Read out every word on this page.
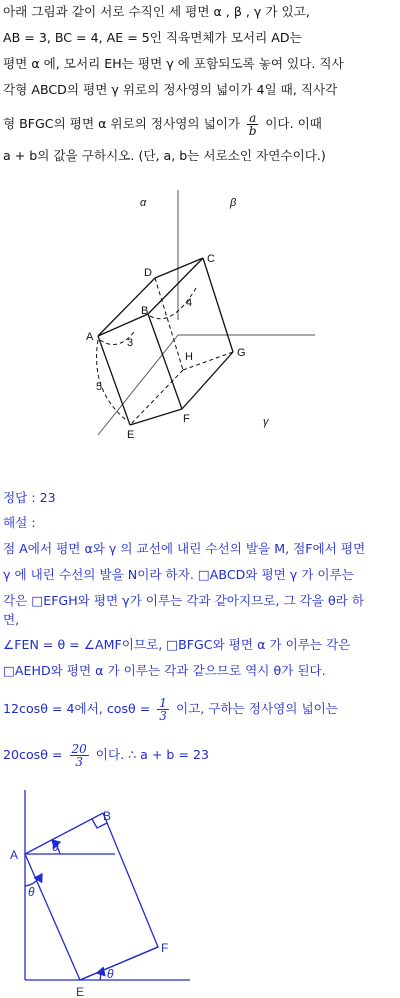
아래 그림과 같이 서로 수직인 세 평면 α , β , γ 가 있고,
AB = 3, BC = 4, AE = 5인 직육면체가 모서리 AD는
평면 α 에, 모서리 EH는 평면 γ 에 포함되도록 놓여 있다. 직사
각형 ABCD의 평면 γ 위로의 정사영의 넓이가 4일 때, 직사각
형 BFGC의 평면 α 위로의 정사영의 넓이가 $\frac{a}{b}$ 이다. 이때
a + b의 값을 구하시오. (단, a, b는 서로소인 자연수이다.)
α	β
γ
A
B
C
D
E
F
G
H
3
4
5
정답 : 23
해설 :
점 A에서 평면 α와 γ 의 교선에 내린 수선의 발을 M, 점F에서 평면
γ 에 내린 수선의 발을 N이라 하자. □ABCD와 평면 γ 가 이루는
각은 □EFGH와 평면 γ가 이루는 각과 같아지므로, 그 각을 θ라 하
면,
∠FEN = θ = ∠AMF이므로, □BFGC와 평면 α 가 이루는 각은
□AEHD와 평면 α 가 이루는 각과 같으므로 역시 θ가 된다.
12cosθ = 4에서, $\cos\theta = \frac{1}{3}$ 이고, 구하는 정사영의 넓이는
$20\cos\theta = \frac{20}{3}$ 이다. ∴ a + b = 23
A
B
E
F
θ
θ
θ
